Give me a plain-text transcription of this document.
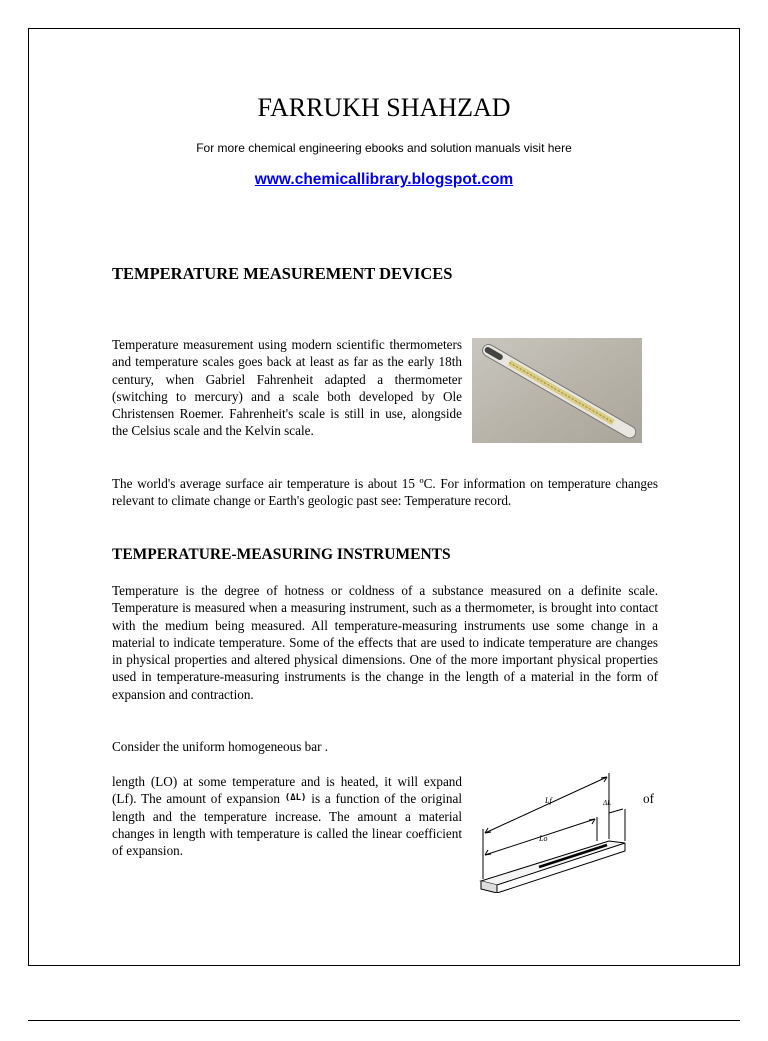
FARRUKH SHAHZAD
For more chemical engineering ebooks and solution manuals visit here
www.chemicallibrary.blogspot.com
TEMPERATURE MEASUREMENT DEVICES

Temperature measurement using modern scientific thermometers and temperature scales goes back at least as far as the early 18th century, when Gabriel Fahrenheit adapted a thermometer (switching to mercury) and a scale both developed by Ole Christensen Roemer. Fahrenheit's scale is still in use, alongside the Celsius scale and the Kelvin scale.

The world's average surface air temperature is about 15 ºC. For information on temperature changes relevant to climate change or Earth's geologic past see: Temperature record.

TEMPERATURE-MEASURING INSTRUMENTS

Temperature is the degree of hotness or coldness of a substance measured on a definite scale. Temperature is measured when a measuring instrument, such as a thermometer, is brought into contact with the medium being measured. All temperature-measuring instruments use some change in a material to indicate temperature. Some of the effects that are used to indicate temperature are changes in physical properties and altered physical dimensions. One of the more important physical properties used in temperature-measuring instruments is the change in the length of a material in the form of expansion and contraction.

Consider the uniform homogeneous bar .

length (LO) at some temperature and is heated, it will expand (Lf). The amount of expansion $^{(\Delta L)}$ is a function of the original length and the temperature increase. The amount a material changes in length with temperature is called the linear coefficient of expansion.

of
Lf
Lo
ΔL
